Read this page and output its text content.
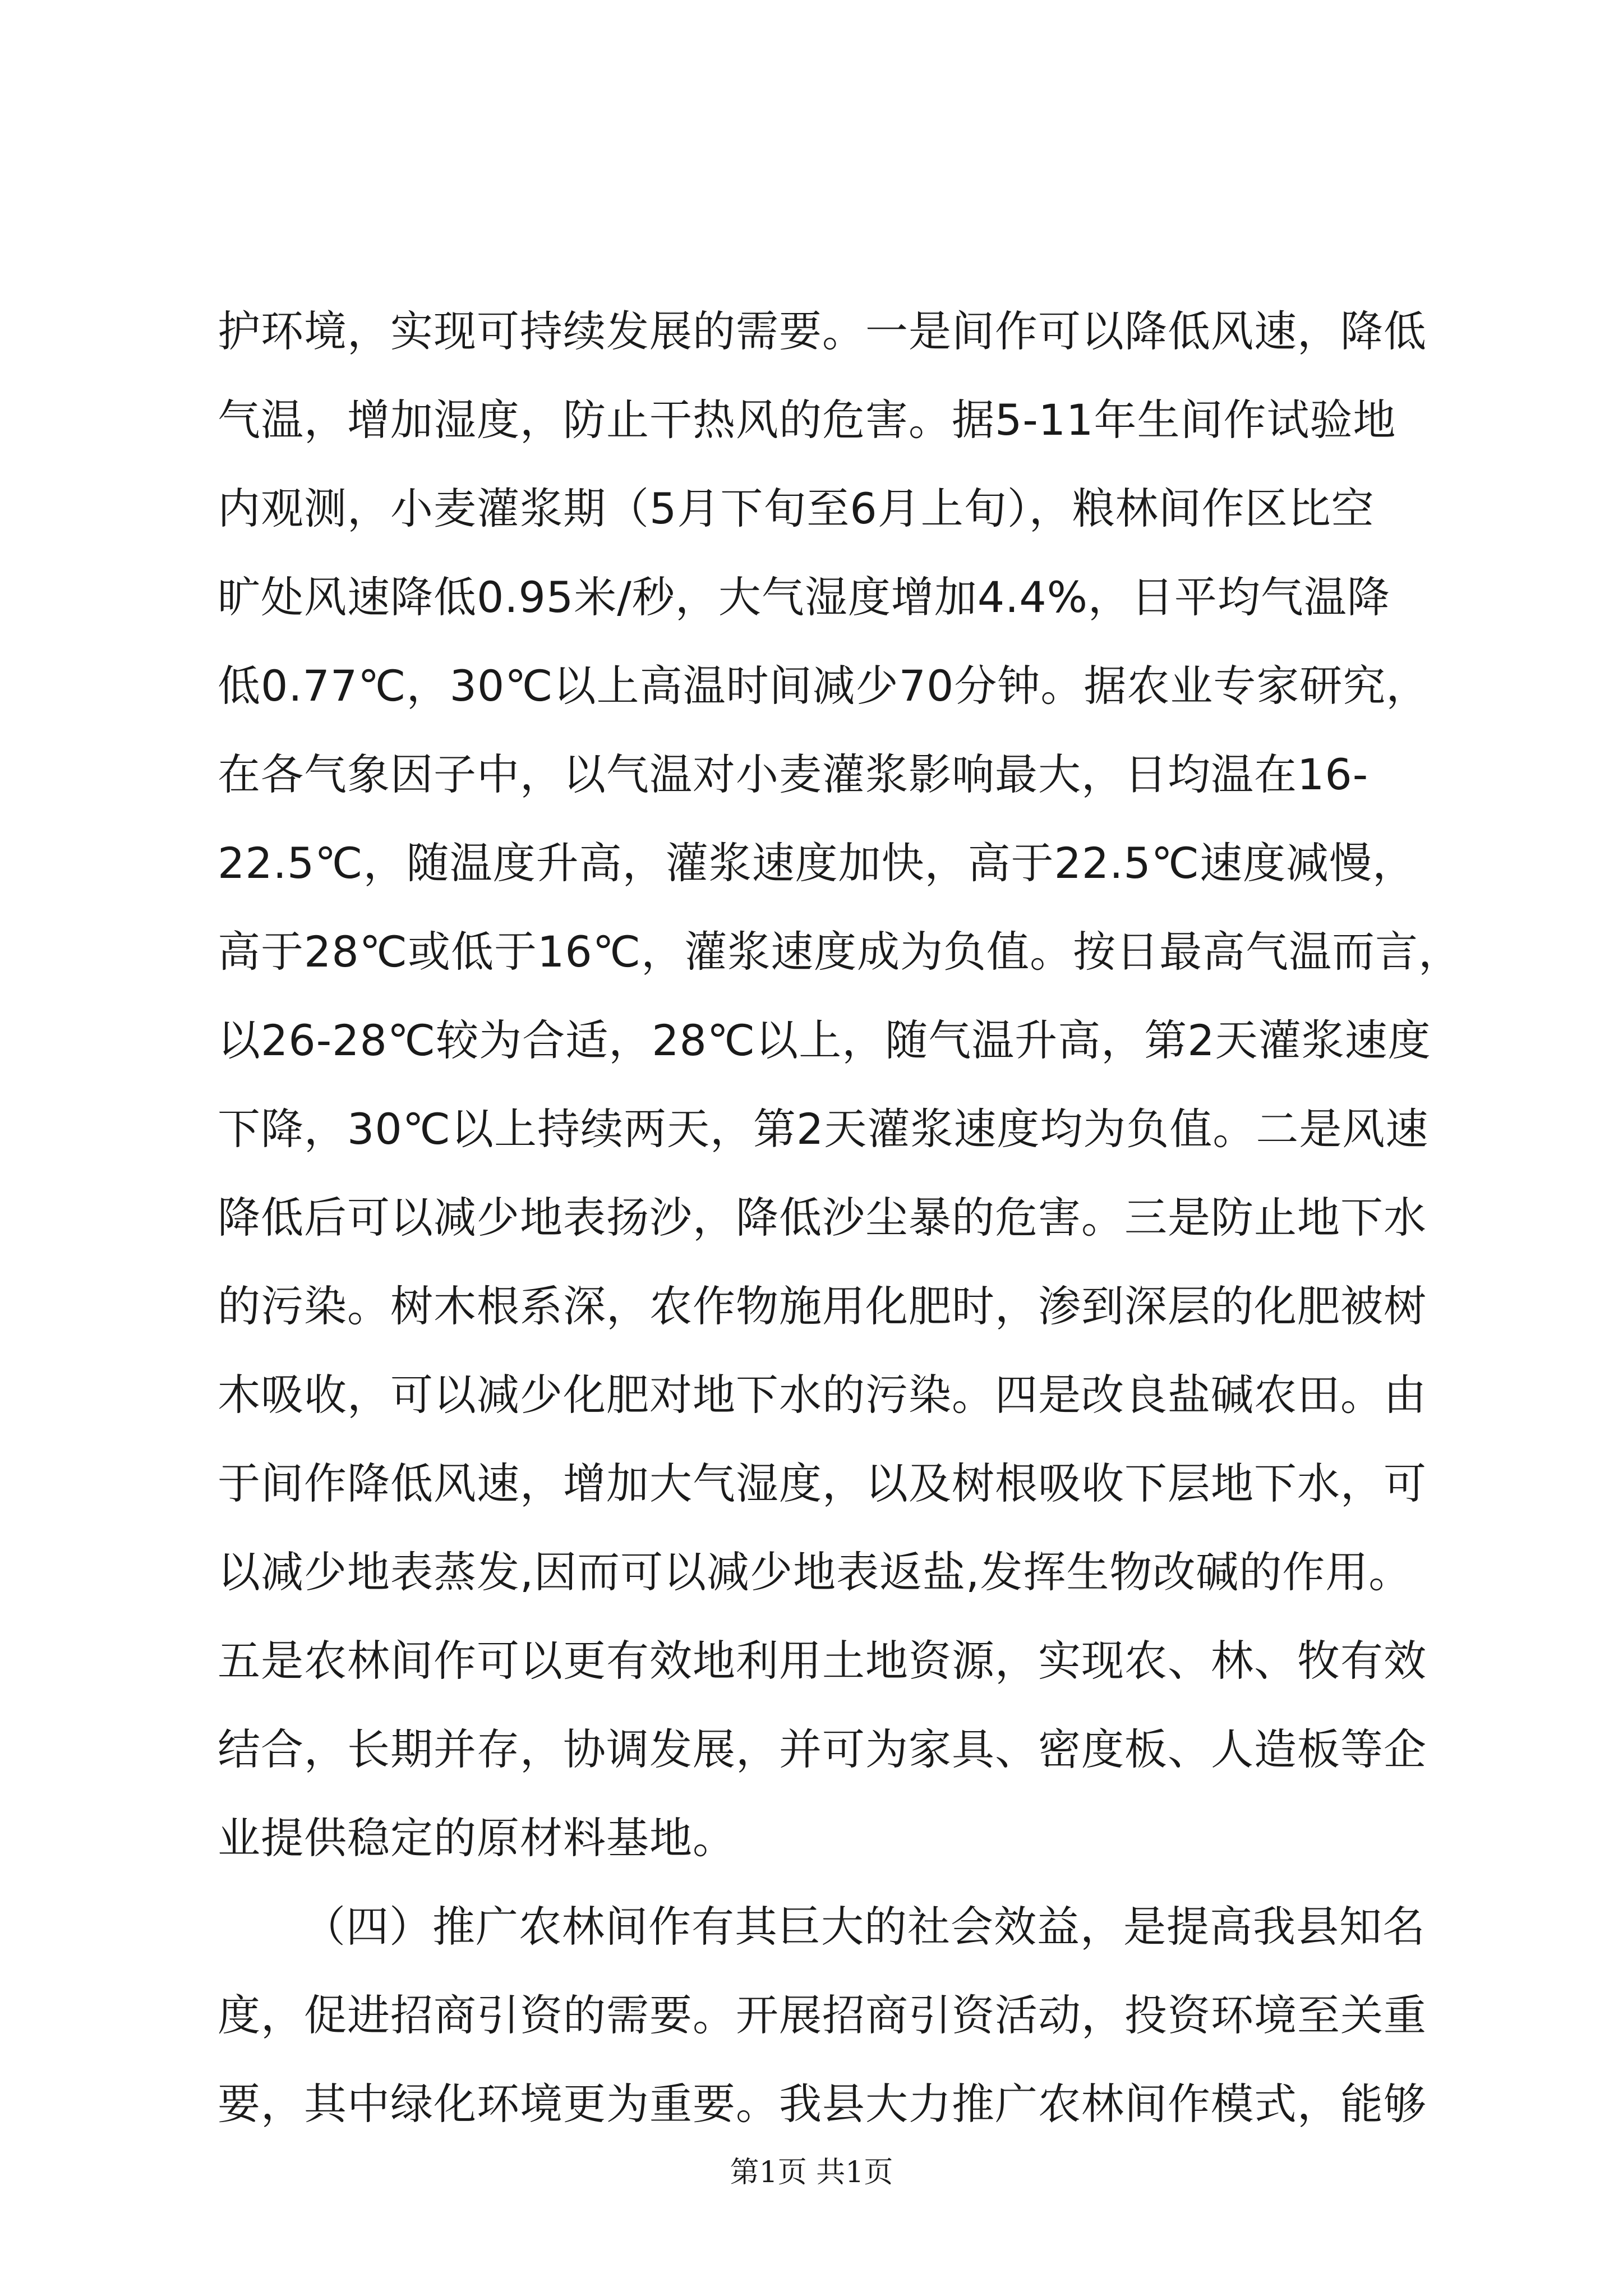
护环境，实现可持续发展的需要。一是间作可以降低风速，降低
气温，增加湿度，防止干热风的危害。据5-11年生间作试验地
内观测，小麦灌浆期（5月下旬至6月上旬），粮林间作区比空
旷处风速降低0.95米/秒，大气湿度增加4.4%，日平均气温降
低0.77℃，30℃以上高温时间减少70分钟。据农业专家研究，
在各气象因子中，以气温对小麦灌浆影响最大，日均温在16-
22.5℃，随温度升高，灌浆速度加快，高于22.5℃速度减慢，
高于28℃或低于16℃，灌浆速度成为负值。按日最高气温而言，
以26-28℃较为合适，28℃以上，随气温升高，第2天灌浆速度
下降，30℃以上持续两天，第2天灌浆速度均为负值。二是风速
降低后可以减少地表扬沙，降低沙尘暴的危害。三是防止地下水
的污染。树木根系深，农作物施用化肥时，渗到深层的化肥被树
木吸收，可以减少化肥对地下水的污染。四是改良盐碱农田。由
于间作降低风速，增加大气湿度，以及树根吸收下层地下水，可
以减少地表蒸发,因而可以减少地表返盐,发挥生物改碱的作用。
五是农林间作可以更有效地利用土地资源，实现农、林、牧有效
结合，长期并存，协调发展，并可为家具、密度板、人造板等企
业提供稳定的原材料基地。
（四）推广农林间作有其巨大的社会效益，是提高我县知名
度，促进招商引资的需要。开展招商引资活动，投资环境至关重
要，其中绿化环境更为重要。我县大力推广农林间作模式，能够
第1页 共1页
